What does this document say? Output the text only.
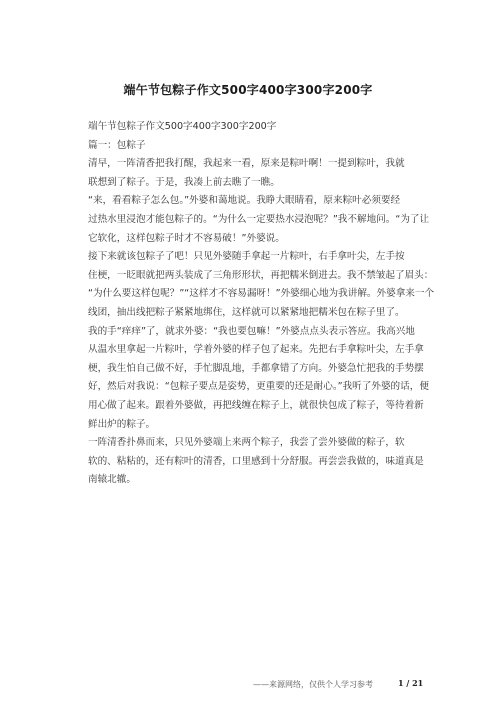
端午节包粽子作文500字400字300字200字
端午节包粽子作文500字400字300字200字
篇一：包粽子
清早，一阵清香把我打醒，我起来一看，原来是粽叶啊！一提到粽叶，我就
联想到了粽子。于是，我凑上前去瞧了一瞧。
“来，看看粽子怎么包。”外婆和蔼地说。我睁大眼睛看，原来粽叶必须要经
过热水里浸泡才能包粽子的。“为什么一定要热水浸泡呢？”我不解地问。“为了让
它软化，这样包粽子时才不容易破！”外婆说。
接下来就该包粽子了吧！只见外婆随手拿起一片粽叶，右手拿叶尖，左手按
住梗，一眨眼就把两头装成了三角形形状，再把糯米倒进去。我不禁皱起了眉头：
“为什么要这样包呢？”“这样才不容易漏呀！”外婆细心地为我讲解。外婆拿来一个
线团，抽出线把粽子紧紧地绑住，这样就可以紧紧地把糯米包在粽子里了。
我的手“痒痒”了，就求外婆：“我也要包嘛！”外婆点点头表示答应。我高兴地
从温水里拿起一片粽叶，学着外婆的样子包了起来。先把右手拿粽叶尖，左手拿
梗，我生怕自己做不好，手忙脚乱地，手都拿错了方向。外婆急忙把我的手势摆
好，然后对我说：“包粽子要点是姿势，更重要的还是耐心。”我听了外婆的话，便
用心做了起来。跟着外婆做，再把线缠在粽子上，就很快包成了粽子，等待着新
鲜出炉的粽子。
一阵清香扑鼻而来，只见外婆端上来两个粽子，我尝了尝外婆做的粽子，软
软的、粘粘的，还有粽叶的清香，口里感到十分舒服。再尝尝我做的，味道真是
南辕北辙。
——来源网络，仅供个人学习参考	1 / 21
